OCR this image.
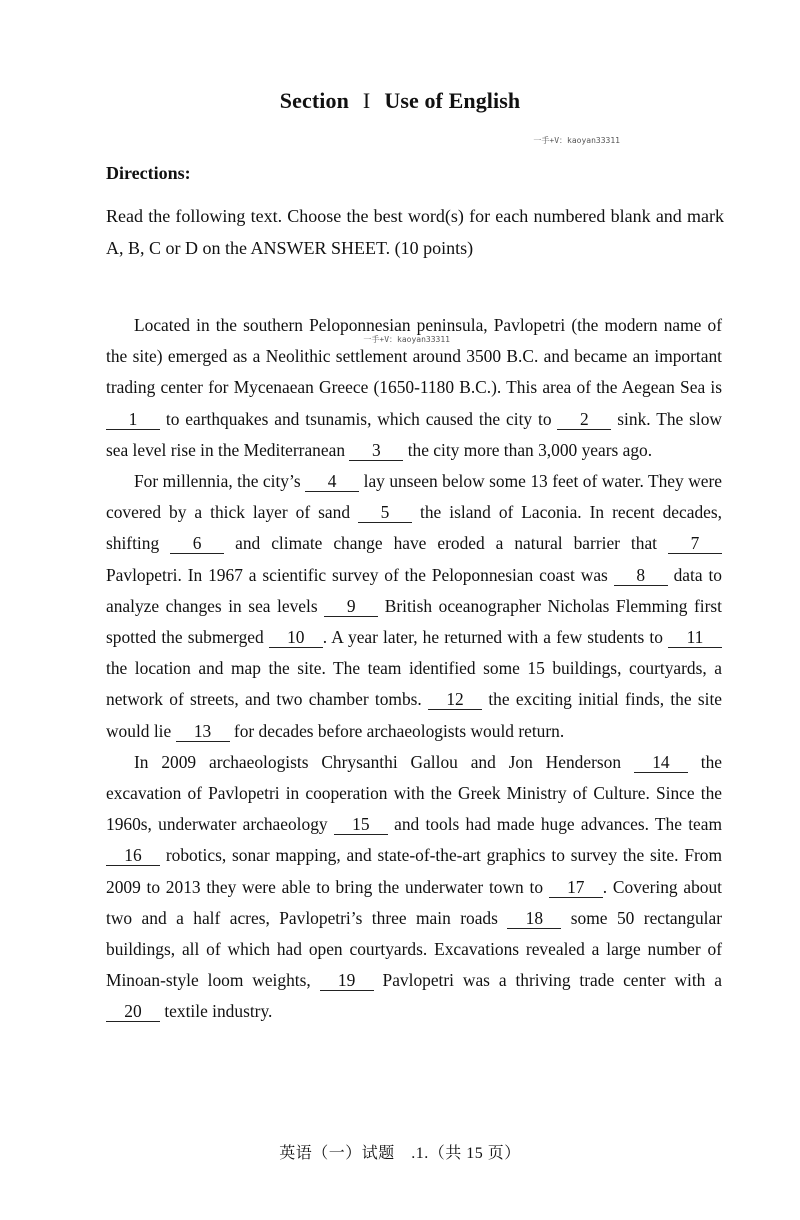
Section I Use of English
一手+V：kaoyan33311
Directions:
Read the following text. Choose the best word(s) for each numbered blank and mark A, B, C or D on the ANSWER SHEET. (10 points)
一手+V：kaoyan33311

Located in the southern Peloponnesian peninsula, Pavlopetri (the modern name of the site) emerged as a Neolithic settlement around 3500 B.C. and became an important trading center for Mycenaean Greece (1650-1180 B.C.). This area of the Aegean Sea is 1 to earthquakes and tsunamis, which caused the city to 2 sink. The slow sea level rise in the Mediterranean 3 the city more than 3,000 years ago.

For millennia, the city’s 4 lay unseen below some 13 feet of water. They were covered by a thick layer of sand 5 the island of Laconia. In recent decades, shifting 6 and climate change have eroded a natural barrier that 7 Pavlopetri. In 1967 a scientific survey of the Peloponnesian coast was 8 data to analyze changes in sea levels 9 British oceanographer Nicholas Flemming first spotted the submerged 10 . A year later, he returned with a few students to 11 the location and map the site. The team identified some 15 buildings, courtyards, a network of streets, and two chamber tombs. 12 the exciting initial finds, the site would lie 13 for decades before archaeologists would return.

In 2009 archaeologists Chrysanthi Gallou and Jon Henderson 14 the excavation of Pavlopetri in cooperation with the Greek Ministry of Culture. Since the 1960s, underwater archaeology 15 and tools had made huge advances. The team 16 robotics, sonar mapping, and state-of-the-art graphics to survey the site. From 2009 to 2013 they were able to bring the underwater town to 17 . Covering about two and a half acres, Pavlopetri’s three main roads 18 some 50 rectangular buildings, all of which had open courtyards. Excavations revealed a large number of Minoan-style loom weights, 19 Pavlopetri was a thriving trade center with a 20 textile industry.

英语（一）试题　.1.（共 15 页）
